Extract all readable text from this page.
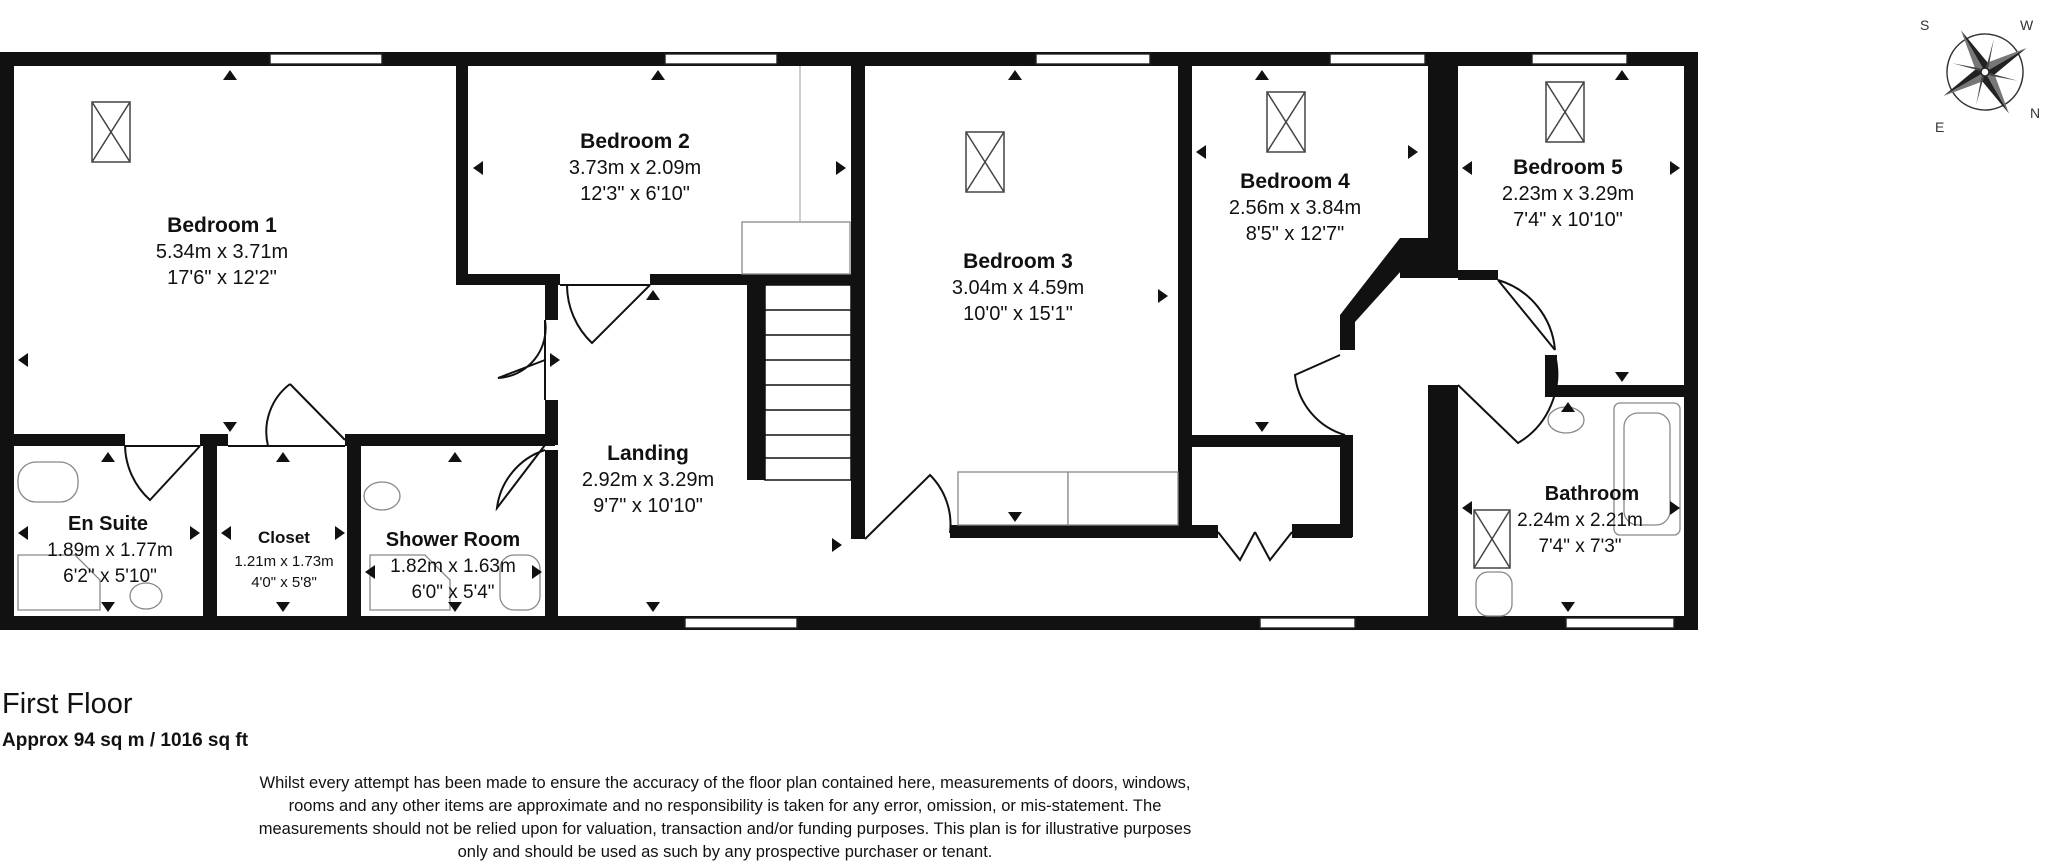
Bedroom 1
5.34m x 3.71m
17'6" x 12'2"
Bedroom 2
3.73m x 2.09m
12'3" x 6'10"
Bedroom 3
3.04m x 4.59m
10'0" x 15'1"
Bedroom 4
2.56m x 3.84m
8'5" x 12'7"
Bedroom 5
2.23m x 3.29m
7'4" x 10'10"
Landing
2.92m x 3.29m
9'7" x 10'10"
En Suite
1.89m x 1.77m
6'2" x 5'10"
Closet
1.21m x 1.73m
4'0" x 5'8"
Shower Room
1.82m x 1.63m
6'0" x 5'4"
Bathroom
2.24m x 2.21m
7'4" x 7'3"
S
E
N
W
First Floor
Approx 94 sq m / 1016 sq ft
Whilst every attempt has been made to ensure the accuracy of the floor plan contained here, measurements of doors, windows, rooms and any other items are approximate and no responsibility is taken for any error, omission, or mis-statement. The measurements should not be relied upon for valuation, transaction and/or funding purposes. This plan is for illustrative purposes only and should be used as such by any prospective purchaser or tenant.
